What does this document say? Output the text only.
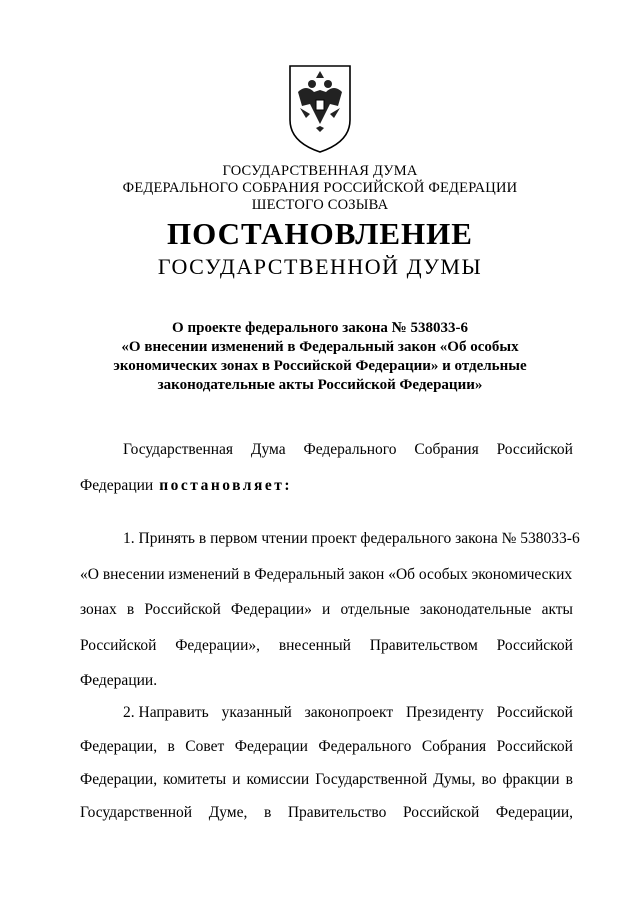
ГОСУДАРСТВЕННАЯ ДУМА
ФЕДЕРАЛЬНОГО СОБРАНИЯ РОССИЙСКОЙ ФЕДЕРАЦИИ
ШЕСТОГО СОЗЫВА
ПОСТАНОВЛЕНИЕ
ГОСУДАРСТВЕННОЙ ДУМЫ
О проекте федерального закона № 538033-6
«О внесении изменений в Федеральный закон «Об особых
экономических зонах в Российской Федерации» и отдельные
законодательные акты Российской Федерации»
Государственная Дума Федерального Собрания Российской
Федерации постановляет:
1. Принять в первом чтении проект федерального закона № 538033-6
«О внесении изменений в Федеральный закон «Об особых экономических
зонах в Российской Федерации» и отдельные законодательные акты
Российской Федерации», внесенный Правительством Российской
Федерации.
2. Направить указанный законопроект Президенту Российской
Федерации, в Совет Федерации Федерального Собрания Российской
Федерации, комитеты и комиссии Государственной Думы, во фракции в
Государственной Думе, в Правительство Российской Федерации,
